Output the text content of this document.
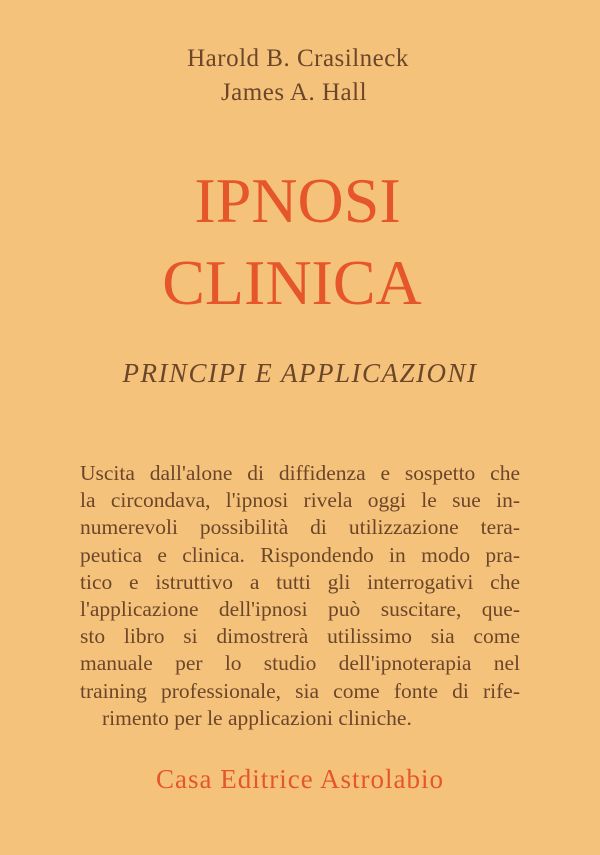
Harold B. Crasilneck
James A. Hall
IPNOSI
CLINICA
PRINCIPI E APPLICAZIONI
Uscita dall'alone di diffidenza e sospetto che
la circondava, l'ipnosi rivela oggi le sue in-
numerevoli possibilità di utilizzazione tera-
peutica e clinica. Rispondendo in modo pra-
tico e istruttivo a tutti gli interrogativi che
l'applicazione dell'ipnosi può suscitare, que-
sto libro si dimostrerà utilissimo sia come
manuale per lo studio dell'ipnoterapia nel
training professionale, sia come fonte di rife-
rimento per le applicazioni cliniche.
Casa Editrice Astrolabio
